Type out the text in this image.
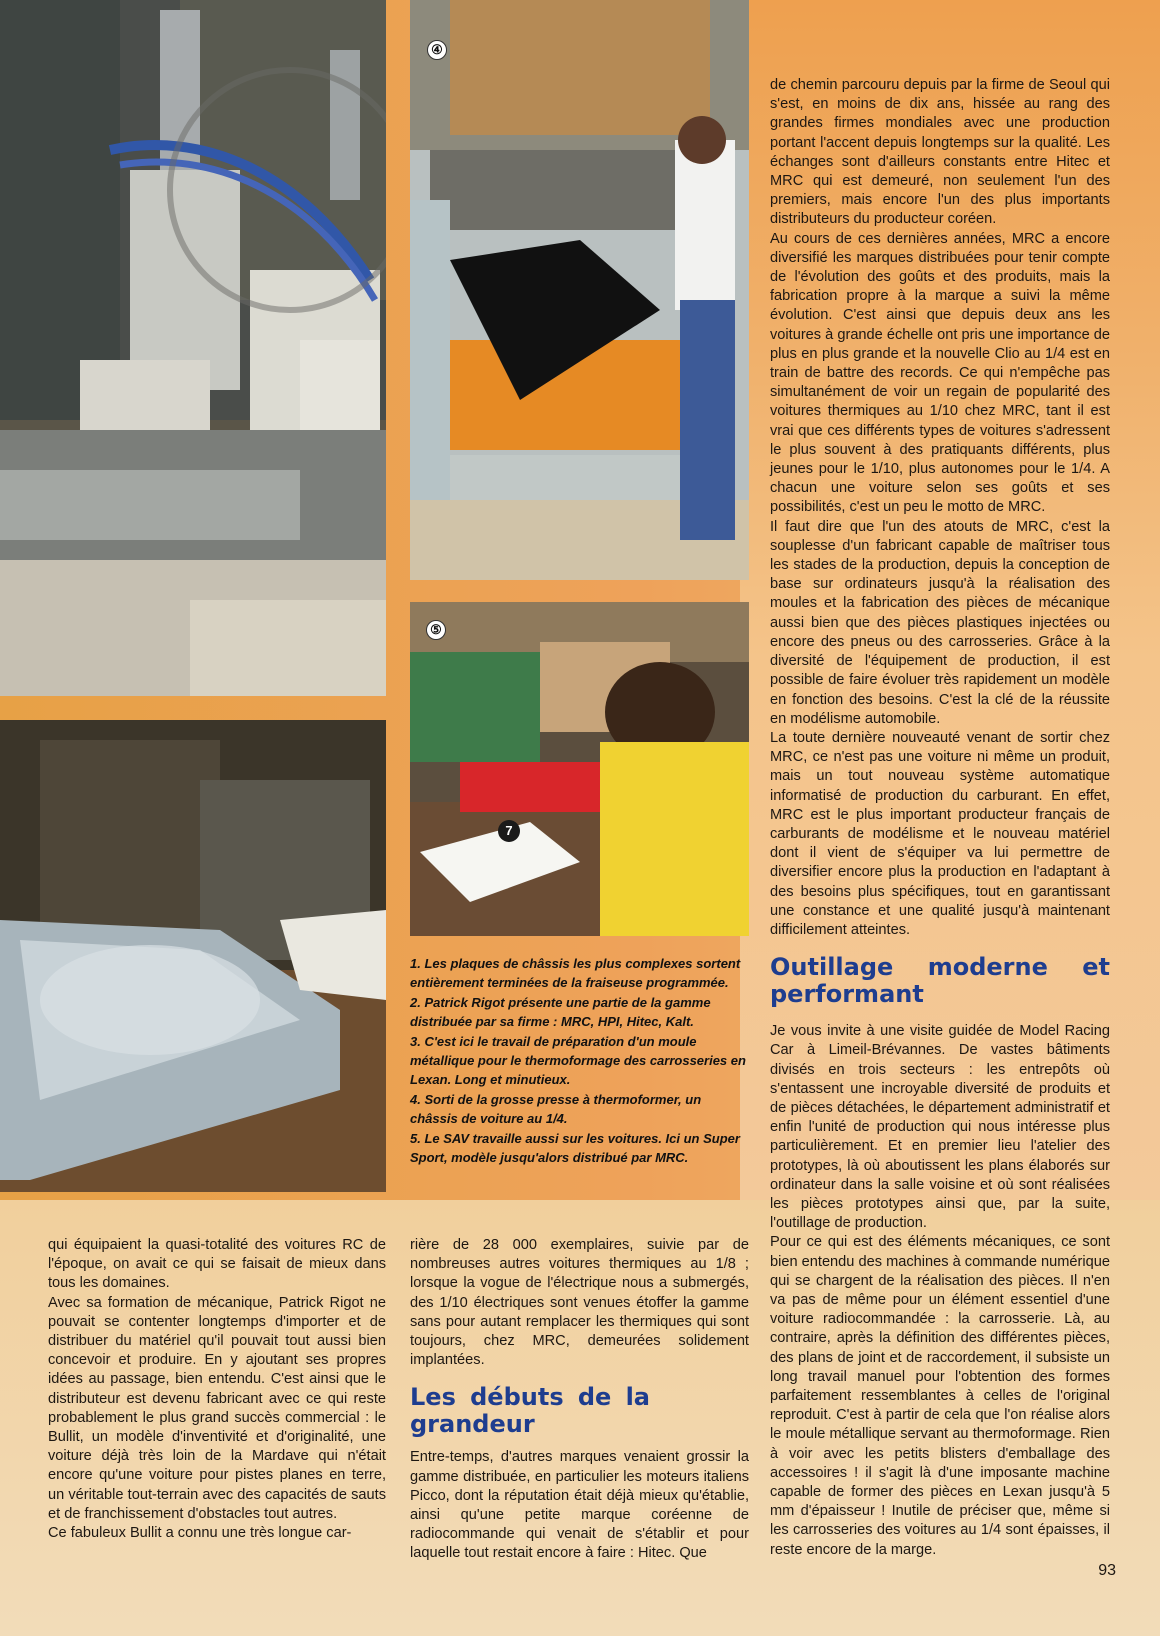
④
⑤
7

1. Les plaques de châssis les plus complexes sortent entièrement terminées de la fraiseuse programmée.

2. Patrick Rigot présente une partie de la gamme distribuée par sa firme : MRC, HPI, Hitec, Kalt.

3. C'est ici le travail de préparation d'un moule métallique pour le thermoformage des carrosseries en Lexan. Long et minutieux.

4. Sorti de la grosse presse à thermoformer, un châssis de voiture au 1/4.

5. Le SAV travaille aussi sur les voitures. Ici un Super Sport, modèle jusqu'alors distribué par MRC.

de chemin parcouru depuis par la firme de Seoul qui s'est, en moins de dix ans, hissée au rang des grandes firmes mondiales avec une production portant l'accent depuis longtemps sur la qualité. Les échanges sont d'ailleurs constants entre Hitec et MRC qui est demeuré, non seulement l'un des premiers, mais encore l'un des plus importants distributeurs du producteur coréen.

Au cours de ces dernières années, MRC a encore diversifié les marques distribuées pour tenir compte de l'évolution des goûts et des produits, mais la fabrication propre à la marque a suivi la même évolution. C'est ainsi que depuis deux ans les voitures à grande échelle ont pris une importance de plus en plus grande et la nouvelle Clio au 1/4 est en train de battre des records. Ce qui n'empêche pas simultanément de voir un regain de popularité des voitures thermiques au 1/10 chez MRC, tant il est vrai que ces différents types de voitures s'adressent le plus souvent à des pratiquants différents, plus jeunes pour le 1/10, plus autonomes pour le 1/4. A chacun une voiture selon ses goûts et ses possibilités, c'est un peu le motto de MRC.

Il faut dire que l'un des atouts de MRC, c'est la souplesse d'un fabricant capable de maîtriser tous les stades de la production, depuis la conception de base sur ordinateurs jusqu'à la réalisation des moules et la fabrication des pièces de mécanique aussi bien que des pièces plastiques injectées ou encore des pneus ou des carrosseries. Grâce à la diversité de l'équipement de production, il est possible de faire évoluer très rapidement un modèle en fonction des besoins. C'est la clé de la réussite en modélisme automobile.

La toute dernière nouveauté venant de sortir chez MRC, ce n'est pas une voiture ni même un produit, mais un tout nouveau système automatique informatisé de production du carburant. En effet, MRC est le plus important producteur français de carburants de modélisme et le nouveau matériel dont il vient de s'équiper va lui permettre de diversifier encore plus la production en l'adaptant à des besoins plus spécifiques, tout en garantissant une constance et une qualité jusqu'à maintenant difficilement atteintes.

Outillage moderne et performant

Je vous invite à une visite guidée de Model Racing Car à Limeil-Brévannes. De vastes bâtiments divisés en trois secteurs : les entrepôts où s'entassent une incroyable diversité de produits et de pièces détachées, le département administratif et enfin l'unité de production qui nous intéresse plus particulièrement. Et en premier lieu l'atelier des prototypes, là où aboutissent les plans élaborés sur ordinateur dans la salle voisine et où sont réalisées les pièces prototypes ainsi que, par la suite, l'outillage de production.

Pour ce qui est des éléments mécaniques, ce sont bien entendu des machines à commande numérique qui se chargent de la réalisation des pièces. Il n'en va pas de même pour un élément essentiel d'une voiture radiocommandée : la carrosserie. Là, au contraire, après la définition des différentes pièces, des plans de joint et de raccordement, il subsiste un long travail manuel pour l'obtention des formes parfaitement ressemblantes à celles de l'original reproduit. C'est à partir de cela que l'on réalise alors le moule métallique servant au thermoformage. Rien à voir avec les petits blisters d'emballage des accessoires ! il s'agit là d'une imposante machine capable de former des pièces en Lexan jusqu'à 5 mm d'épaisseur ! Inutile de préciser que, même si les carrosseries des voitures au 1/4 sont épaisses, il reste encore de la marge.

qui équipaient la quasi-totalité des voitures RC de l'époque, on avait ce qui se faisait de mieux dans tous les domaines.

Avec sa formation de mécanique, Patrick Rigot ne pouvait se contenter longtemps d'importer et de distribuer du matériel qu'il pouvait tout aussi bien concevoir et produire. En y ajoutant ses propres idées au passage, bien entendu. C'est ainsi que le distributeur est devenu fabricant avec ce qui reste probablement le plus grand succès commercial : le Bullit, un modèle d'inventivité et d'originalité, une voiture déjà très loin de la Mardave qui n'était encore qu'une voiture pour pistes planes en terre, un véritable tout-terrain avec des capacités de sauts et de franchissement d'obstacles tout autres.

Ce fabuleux Bullit a connu une très longue car-

rière de 28 000 exemplaires, suivie par de nombreuses autres voitures thermiques au 1/8 ; lorsque la vogue de l'électrique nous a submergés, des 1/10 électriques sont venues étoffer la gamme sans pour autant remplacer les thermiques qui sont toujours, chez MRC, demeurées solidement implantées.

Les débuts de la grandeur

Entre-temps, d'autres marques venaient grossir la gamme distribuée, en particulier les moteurs italiens Picco, dont la réputation était déjà mieux qu'établie, ainsi qu'une petite marque coréenne de radiocommande qui venait de s'établir et pour laquelle tout restait encore à faire : Hitec. Que

93
